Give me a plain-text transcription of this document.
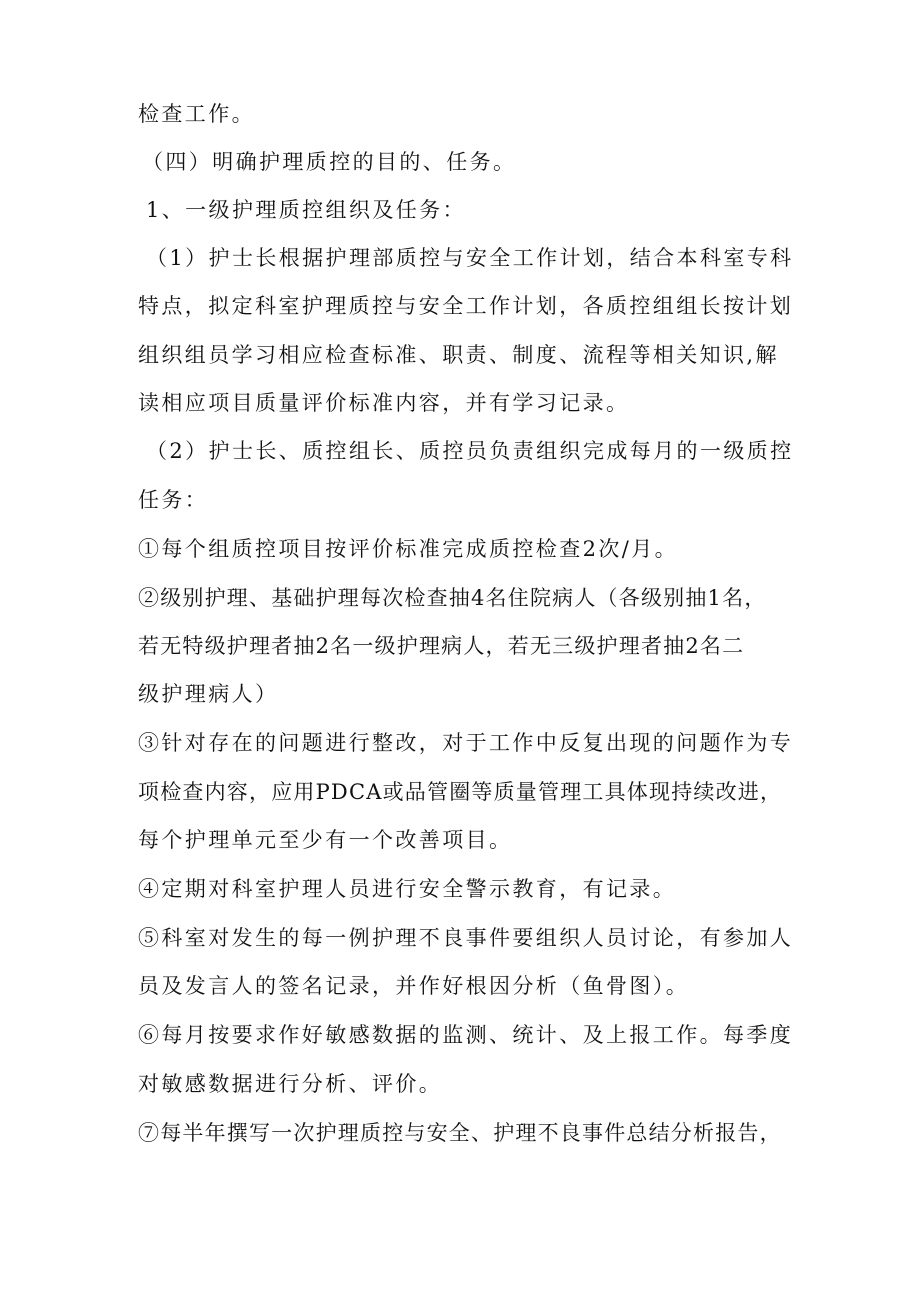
检查工作。
（四）明确护理质控的目的、任务。
1、一级护理质控组织及任务：
（1）护士长根据护理部质控与安全工作计划，结合本科室专科
特点，拟定科室护理质控与安全工作计划，各质控组组长按计划
组织组员学习相应检查标准、职责、制度、流程等相关知识,解
读相应项目质量评价标准内容，并有学习记录。
（2）护士长、质控组长、质控员负责组织完成每月的一级质控
任务：
①每个组质控项目按评价标准完成质控检查2次/月。
②级别护理、基础护理每次检查抽4名住院病人（各级别抽1名，
若无特级护理者抽2名一级护理病人，若无三级护理者抽2名二
级护理病人）
③针对存在的问题进行整改，对于工作中反复出现的问题作为专
项检查内容，应用PDCA或品管圈等质量管理工具体现持续改进，
每个护理单元至少有一个改善项目。
④定期对科室护理人员进行安全警示教育，有记录。
⑤科室对发生的每一例护理不良事件要组织人员讨论，有参加人
员及发言人的签名记录，并作好根因分析（鱼骨图）。
⑥每月按要求作好敏感数据的监测、统计、及上报工作。每季度
对敏感数据进行分析、评价。
⑦每半年撰写一次护理质控与安全、护理不良事件总结分析报告，
